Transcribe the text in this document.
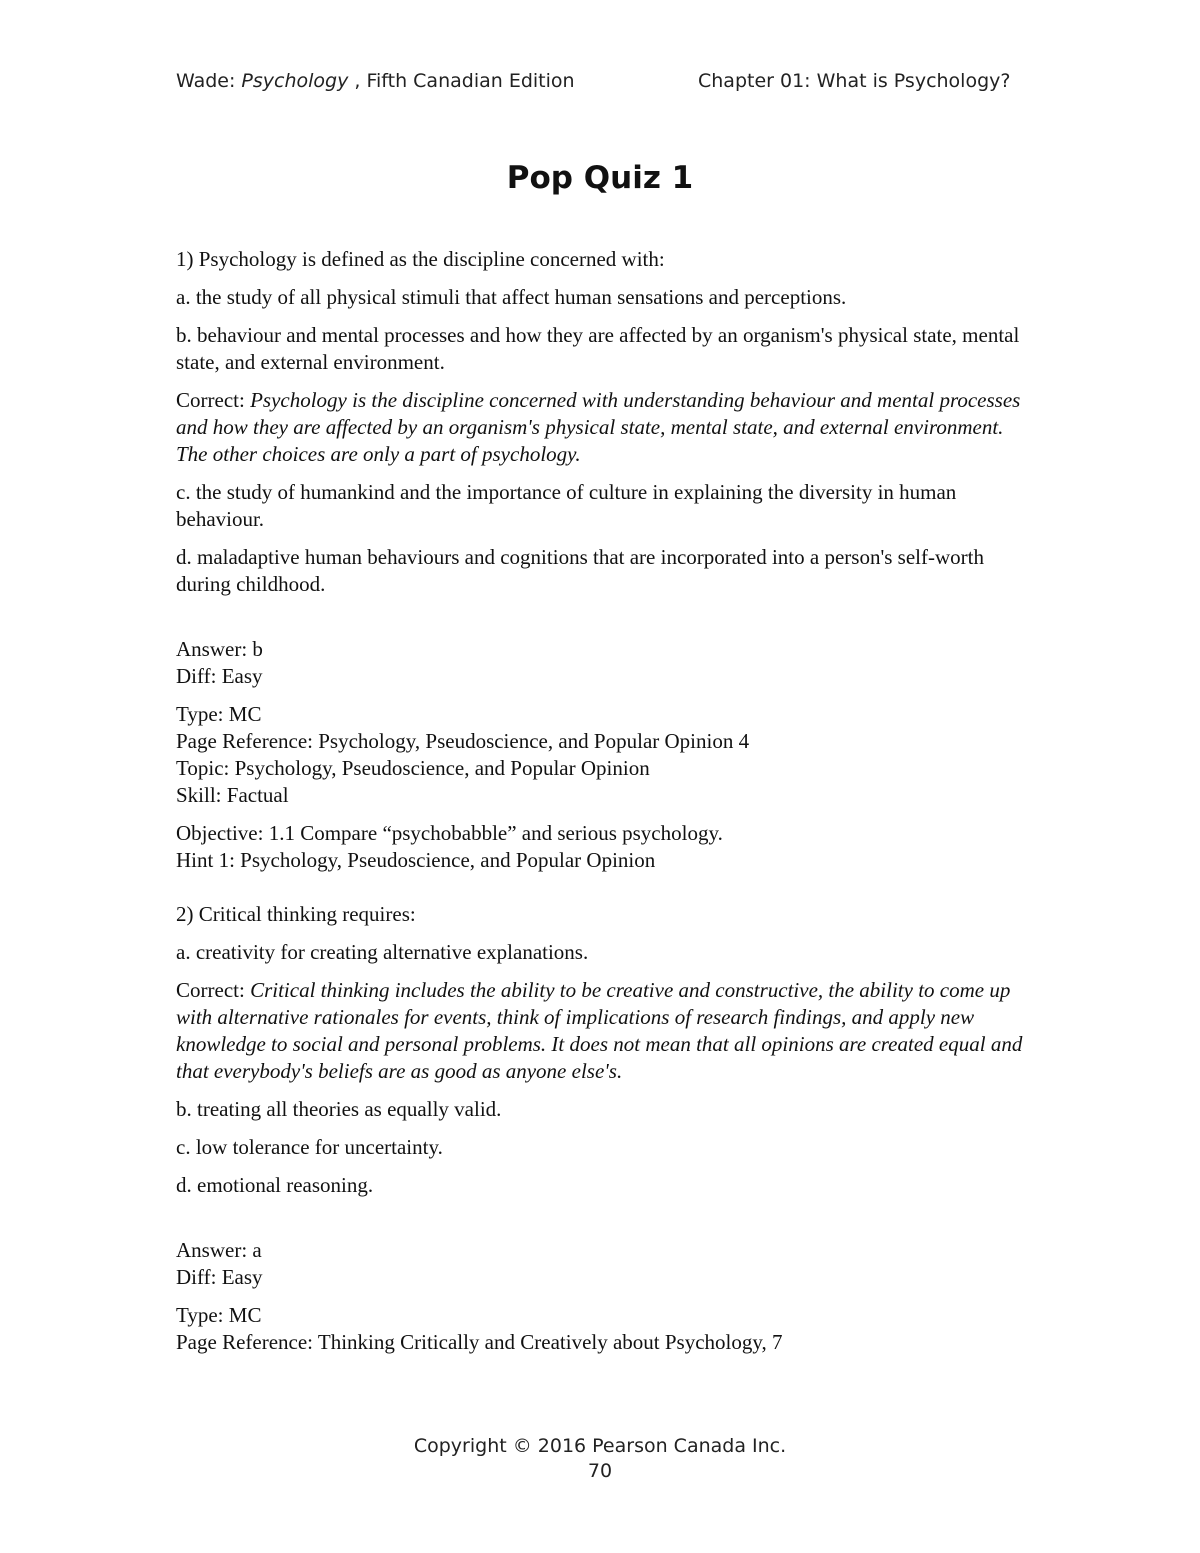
Wade: Psychology , Fifth Canadian Edition	Chapter 01: What is Psychology?
Pop Quiz 1

1) Psychology is defined as the discipline concerned with:

a. the study of all physical stimuli that affect human sensations and perceptions.

b. behaviour and mental processes and how they are affected by an organism's physical state, mental state, and external environment.

Correct: Psychology is the discipline concerned with understanding behaviour and mental processes and how they are affected by an organism's physical state, mental state, and external environment. The other choices are only a part of psychology.

c. the study of humankind and the importance of culture in explaining the diversity in human behaviour.

d. maladaptive human behaviours and cognitions that are incorporated into a person's self-worth during childhood.

Answer: b

Diff: Easy

Type: MC

Page Reference: Psychology, Pseudoscience, and Popular Opinion 4

Topic: Psychology, Pseudoscience, and Popular Opinion

Skill: Factual

Objective: 1.1 Compare “psychobabble” and serious psychology.

Hint 1: Psychology, Pseudoscience, and Popular Opinion

2) Critical thinking requires:

a. creativity for creating alternative explanations.

Correct: Critical thinking includes the ability to be creative and constructive, the ability to come up with alternative rationales for events, think of implications of research findings, and apply new knowledge to social and personal problems. It does not mean that all opinions are created equal and that everybody's beliefs are as good as anyone else's.

b. treating all theories as equally valid.

c. low tolerance for uncertainty.

d. emotional reasoning.

Answer: a

Diff: Easy

Type: MC

Page Reference: Thinking Critically and Creatively about Psychology, 7

Copyright © 2016 Pearson Canada Inc.
70
